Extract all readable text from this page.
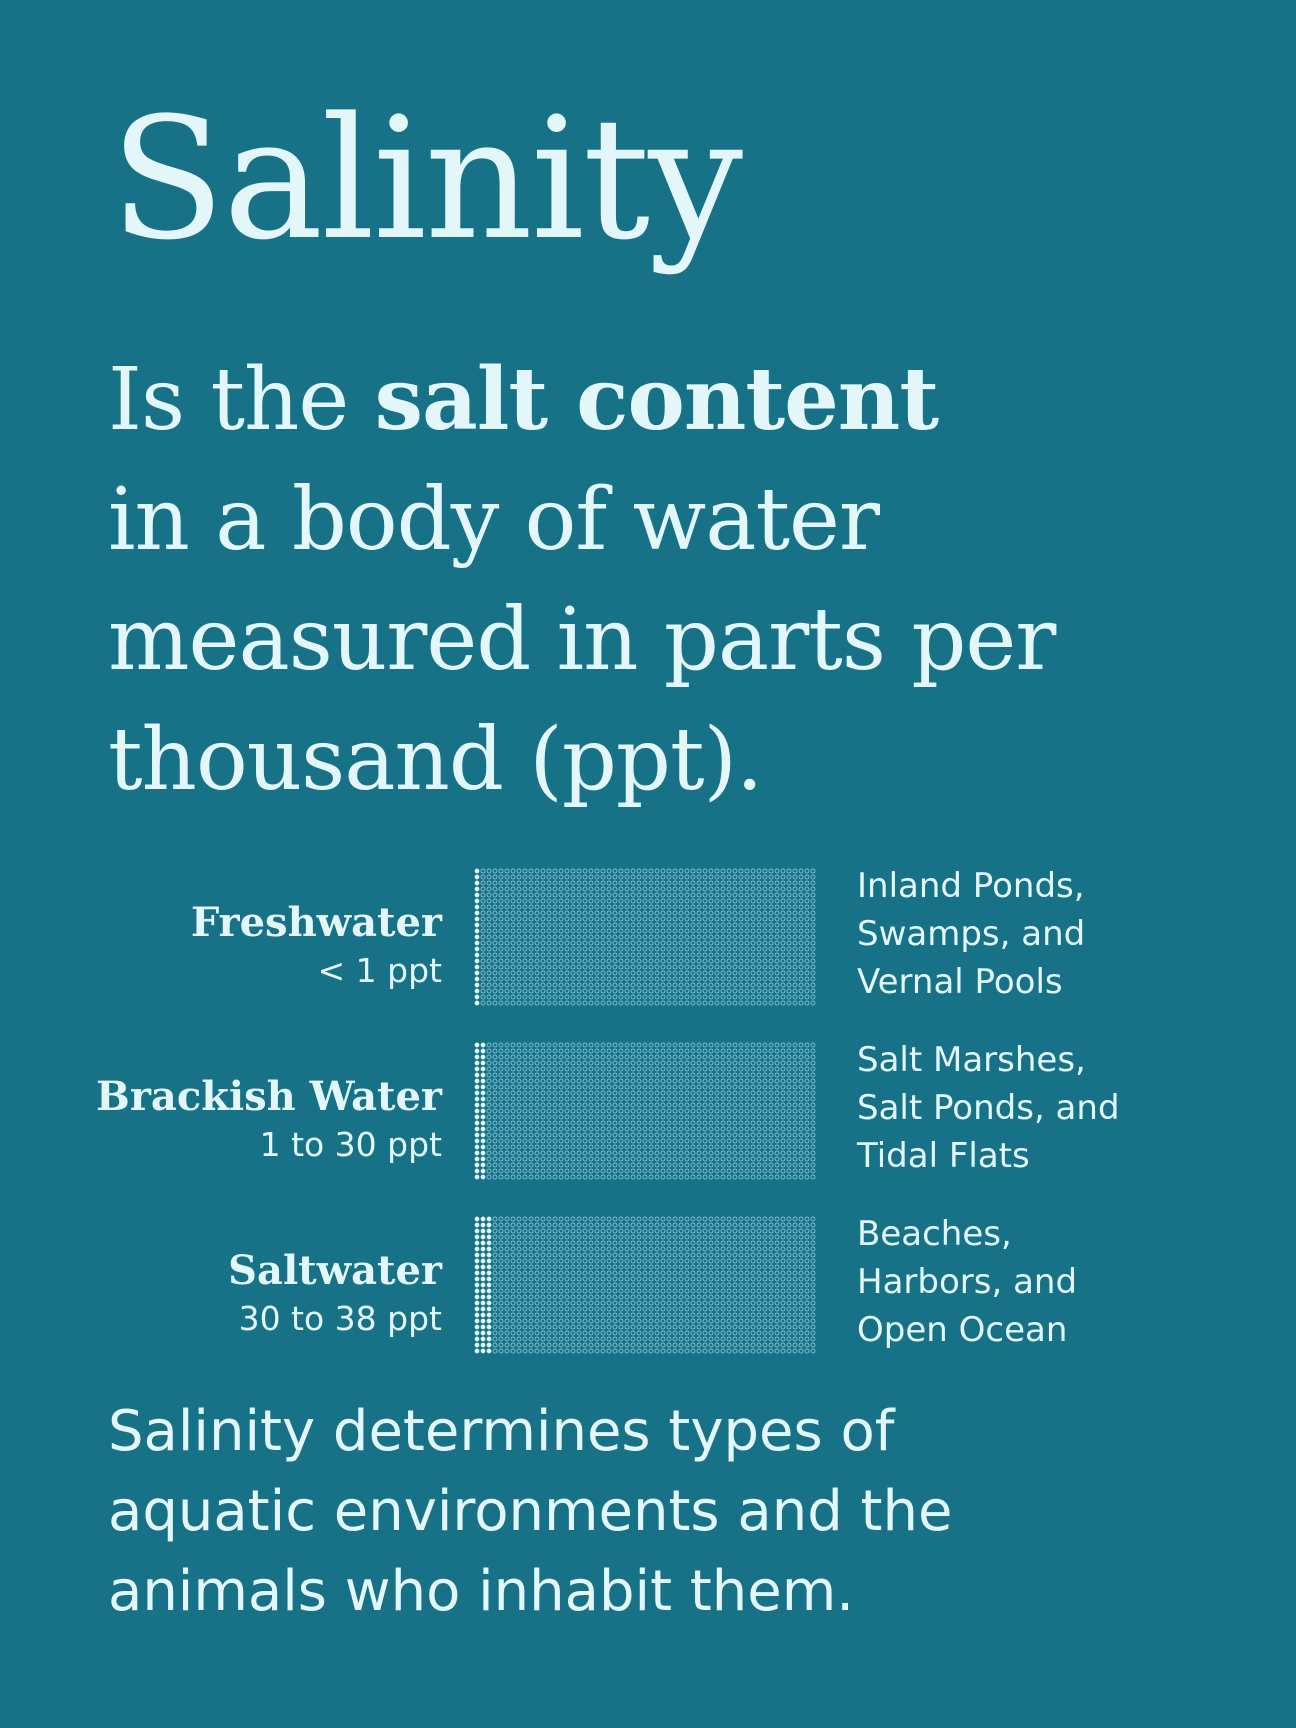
Salinity

Is the salt content
in a body of water
measured in parts per
thousand (ppt).

Freshwater
< 1 ppt
Inland Ponds,
Swamps, and
Vernal Pools
Brackish Water
1 to 30 ppt
Salt Marshes,
Salt Ponds, and
Tidal Flats
Saltwater
30 to 38 ppt
Beaches,
Harbors, and
Open Ocean

Salinity determines types of
aquatic environments and the
animals who inhabit them.
